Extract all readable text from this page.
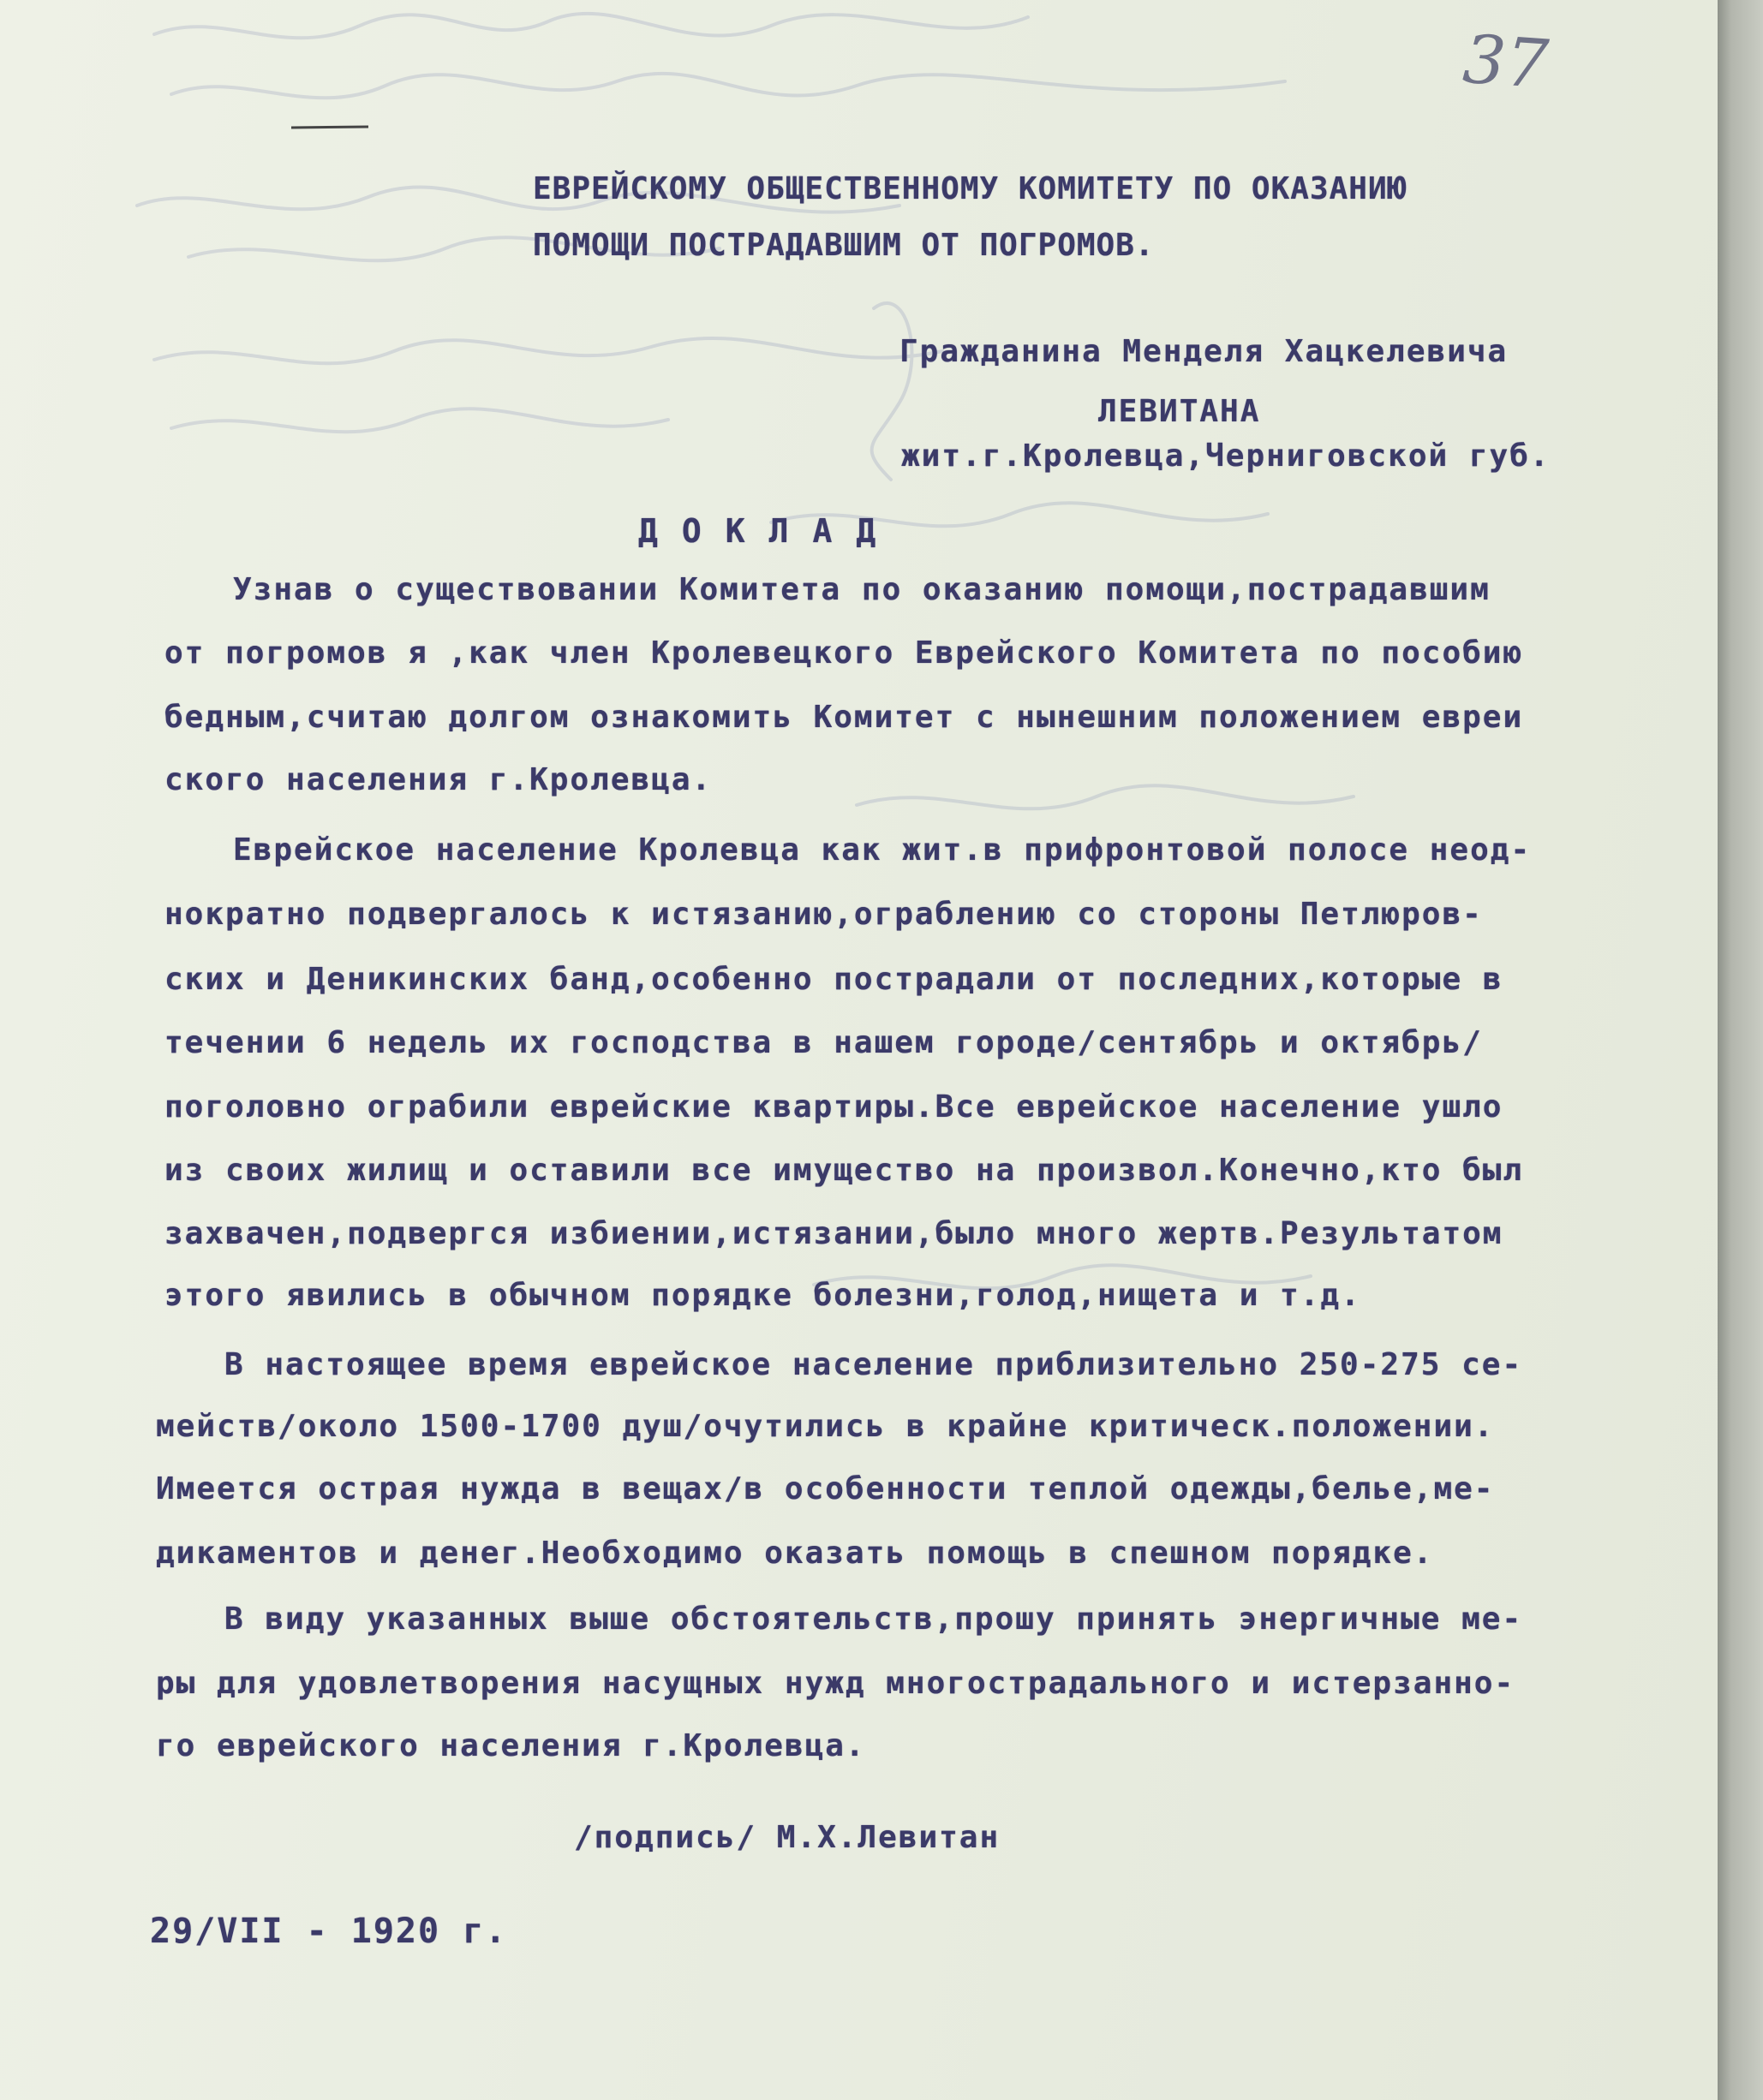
37
ЕВРЕЙСКОМУ ОБЩЕСТВЕННОМУ КОМИТЕТУ ПО ОКАЗАНИЮ
ПОМОЩИ ПОСТРАДАВШИМ ОТ ПОГРОМОВ.
Гражданина Менделя Хацкелевича
ЛЕВИТАНА
жит.г.Кролевца,Черниговской губ.
ДОКЛАД
Узнав о существовании Комитета по оказанию помощи,пострадавшим
от погромов я ,как член Кролевецкого Еврейского Комитета по пособию
бедным,считаю долгом ознакомить Комитет с нынешним положением евреи
ского населения г.Кролевца.
Еврейское население Кролевца как жит.в прифронтовой полосе неод-
нократно подвергалось к истязанию,ограблению со стороны Петлюров-
ских и Деникинских банд,особенно пострадали от последних,которые в
течении 6 недель их господства в нашем городе/сентябрь и октябрь/
поголовно ограбили еврейские квартиры.Все еврейское население ушло
из своих жилищ и оставили все имущество на произвол.Конечно,кто был
захвачен,подвергся избиении,истязании,было много жертв.Результатом
этого явились в обычном порядке болезни,голод,нищета и т.д.
В настоящее время еврейское население приблизительно 250-275 се-
мейств/около 1500-1700 душ/очутились в крайне критическ.положении.
Имеется острая нужда в вещах/в особенности теплой одежды,белье,ме-
дикаментов и денег.Необходимо оказать помощь в спешном порядке.
В виду указанных выше обстоятельств,прошу принять энергичные ме-
ры для удовлетворения насущных нужд многострадального и истерзанно-
го еврейского населения г.Кролевца.
/подпись/ М.Х.Левитан
29/VII - 1920 г.
